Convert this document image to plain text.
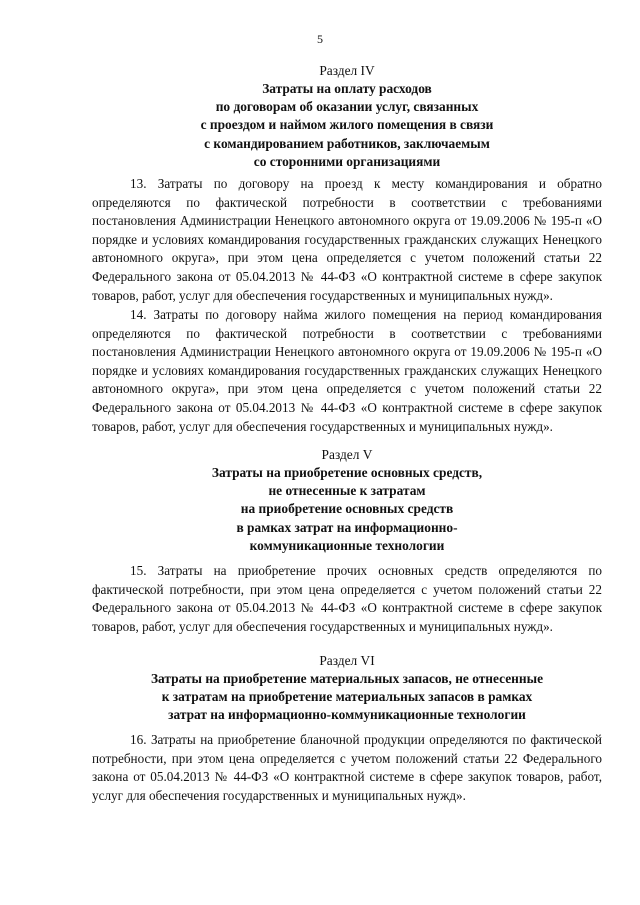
5
Раздел IV
Затраты на оплату расходов
по договорам об оказании услуг, связанных
с проездом и наймом жилого помещения в связи
с командированием работников, заключаемым
со сторонними организациями

13. Затраты по договору на проезд к месту командирования и обратно определяются по фактической потребности в соответствии с требованиями постановления Администрации Ненецкого автономного округа от 19.09.2006 № 195-п «О порядке и условиях командирования государственных гражданских служащих Ненецкого автономного округа», при этом цена определяется с учетом положений статьи 22 Федерального закона от 05.04.2013 № 44-ФЗ «О контрактной системе в сфере закупок товаров, работ, услуг для обеспечения государственных и муниципальных нужд».

14. Затраты по договору найма жилого помещения на период командирования определяются по фактической потребности в соответствии с требованиями постановления Администрации Ненецкого автономного округа от 19.09.2006 № 195-п «О порядке и условиях командирования государственных гражданских служащих Ненецкого автономного округа», при этом цена определяется с учетом положений статьи 22 Федерального закона от 05.04.2013 № 44-ФЗ «О контрактной системе в сфере закупок товаров, работ, услуг для обеспечения государственных и муниципальных нужд».

Раздел V
Затраты на приобретение основных средств,
не отнесенные к затратам
на приобретение основных средств
в рамках затрат на информационно-
коммуникационные технологии

15. Затраты на приобретение прочих основных средств определяются по фактической потребности, при этом цена определяется с учетом положений статьи 22 Федерального закона от 05.04.2013 № 44-ФЗ «О контрактной системе в сфере закупок товаров, работ, услуг для обеспечения государственных и муниципальных нужд».

Раздел VI
Затраты на приобретение материальных запасов, не отнесенные
к затратам на приобретение материальных запасов в рамках
затрат на информационно-коммуникационные технологии

16. Затраты на приобретение бланочной продукции определяются по фактической потребности, при этом цена определяется с учетом положений статьи 22 Федерального закона от 05.04.2013 № 44-ФЗ «О контрактной системе в сфере закупок товаров, работ, услуг для обеспечения государственных и муниципальных нужд».
